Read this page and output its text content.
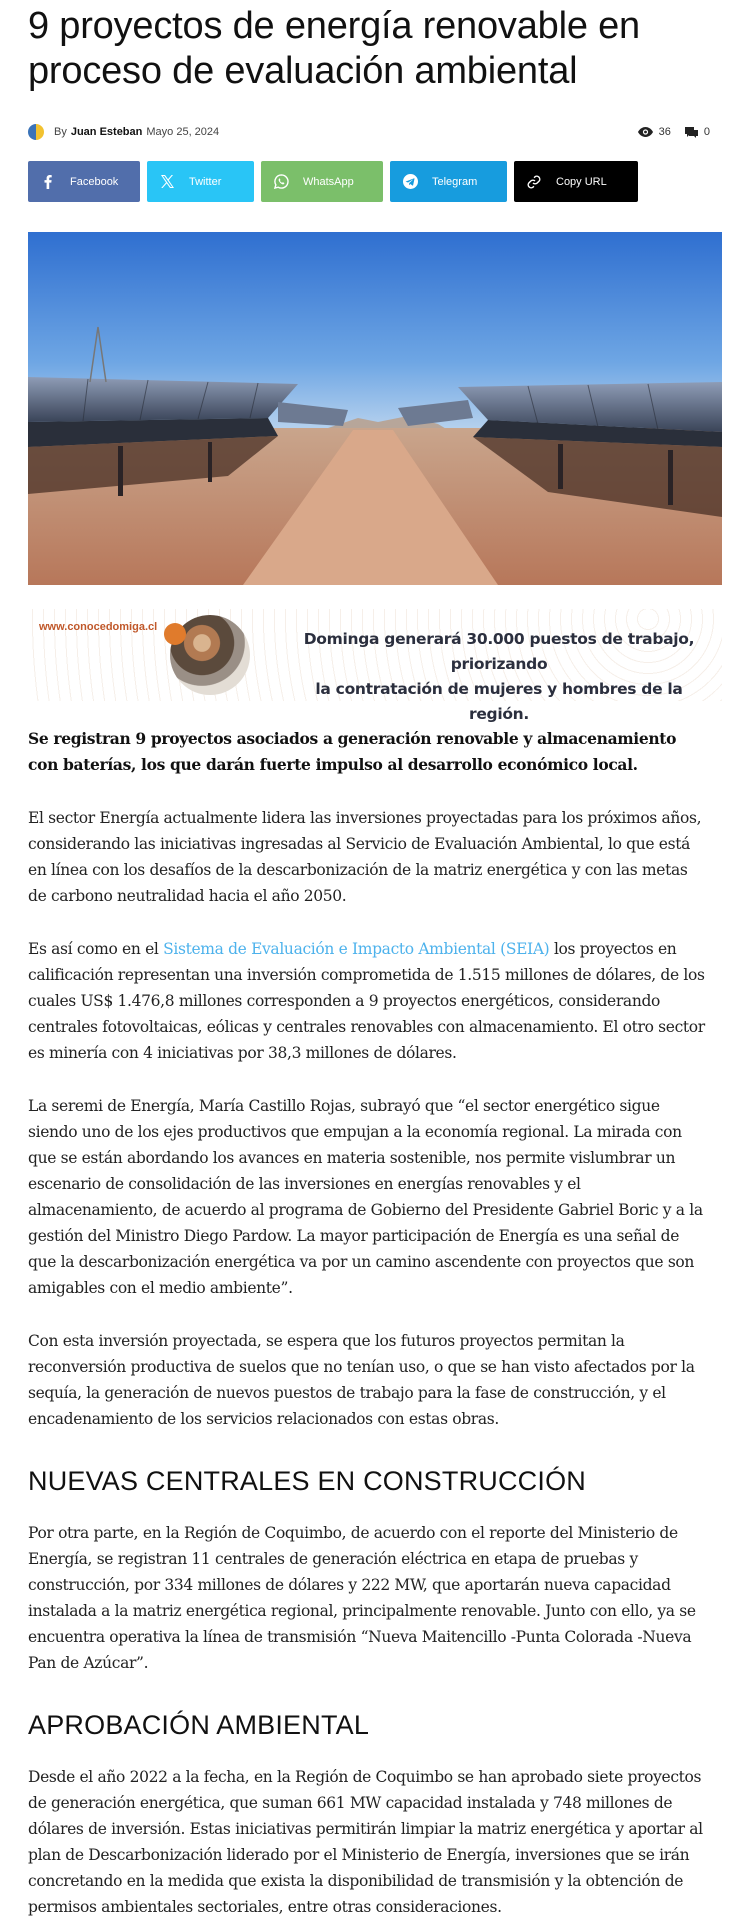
9 proyectos de energía renovable en proceso de evaluación ambiental
By Juan Esteban Mayo 25, 2024	36	0
Facebook	Twitter	WhatsApp	Telegram	Copy URL
www.conocedomiga.cl
Dominga generará 30.000 puestos de trabajo, priorizando
la contratación de mujeres y hombres de la región.

Se registran 9 proyectos asociados a generación renovable y almacenamiento con baterías, los que darán fuerte impulso al desarrollo económico local.

El sector Energía actualmente lidera las inversiones proyectadas para los próximos años, considerando las iniciativas ingresadas al Servicio de Evaluación Ambiental, lo que está en línea con los desafíos de la descarbonización de la matriz energética y con las metas de carbono neutralidad hacia el año 2050.

Es así como en el Sistema de Evaluación e Impacto Ambiental (SEIA) los proyectos en calificación representan una inversión comprometida de 1.515 millones de dólares, de los cuales US$ 1.476,8 millones corresponden a 9 proyectos energéticos, considerando centrales fotovoltaicas, eólicas y centrales renovables con almacenamiento. El otro sector es minería con 4 iniciativas por 38,3 millones de dólares.

La seremi de Energía, María Castillo Rojas, subrayó que “el sector energético sigue siendo uno de los ejes productivos que empujan a la economía regional. La mirada con que se están abordando los avances en materia sostenible, nos permite vislumbrar un escenario de consolidación de las inversiones en energías renovables y el almacenamiento, de acuerdo al programa de Gobierno del Presidente Gabriel Boric y a la gestión del Ministro Diego Pardow. La mayor participación de Energía es una señal de que la descarbonización energética va por un camino ascendente con proyectos que son amigables con el medio ambiente”.

Con esta inversión proyectada, se espera que los futuros proyectos permitan la reconversión productiva de suelos que no tenían uso, o que se han visto afectados por la sequía, la generación de nuevos puestos de trabajo para la fase de construcción, y el encadenamiento de los servicios relacionados con estas obras.

NUEVAS CENTRALES EN CONSTRUCCIÓN

Por otra parte, en la Región de Coquimbo, de acuerdo con el reporte del Ministerio de Energía, se registran 11 centrales de generación eléctrica en etapa de pruebas y construcción, por 334 millones de dólares y 222 MW, que aportarán nueva capacidad instalada a la matriz energética regional, principalmente renovable. Junto con ello, ya se encuentra operativa la línea de transmisión “Nueva Maitencillo -Punta Colorada -Nueva Pan de Azúcar”.

APROBACIÓN AMBIENTAL

Desde el año 2022 a la fecha, en la Región de Coquimbo se han aprobado siete proyectos de generación energética, que suman 661 MW capacidad instalada y 748 millones de dólares de inversión. Estas iniciativas permitirán limpiar la matriz energética y aportar al plan de Descarbonización liderado por el Ministerio de Energía, inversiones que se irán concretando en la medida que exista la disponibilidad de transmisión y la obtención de permisos ambientales sectoriales, entre otras consideraciones.
